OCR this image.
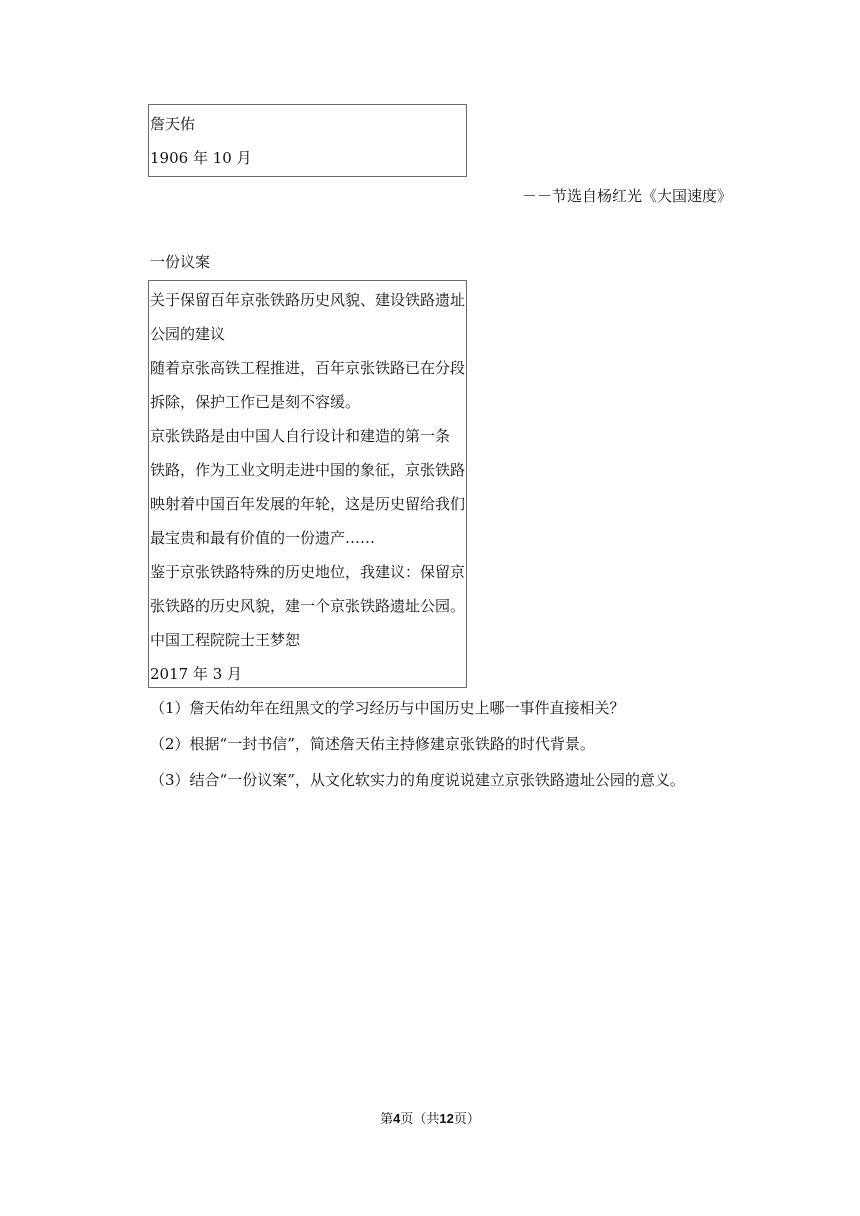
詹天佑
1906 年 10 月
－－节选自杨红光《大国速度》
一份议案
关于保留百年京张铁路历史风貌、建设铁路遗址
公园的建议
随着京张高铁工程推进，百年京张铁路已在分段
拆除，保护工作已是刻不容缓。
京张铁路是由中国人自行设计和建造的第一条
铁路，作为工业文明走进中国的象征，京张铁路
映射着中国百年发展的年轮，这是历史留给我们
最宝贵和最有价值的一份遗产……
鉴于京张铁路特殊的历史地位，我建议：保留京
张铁路的历史风貌，建一个京张铁路遗址公园。
中国工程院院士王梦恕
2017 年 3 月
（1）詹天佑幼年在纽黑文的学习经历与中国历史上哪一事件直接相关？
（2）根据“一封书信”，简述詹天佑主持修建京张铁路的时代背景。
（3）结合“一份议案”，从文化软实力的角度说说建立京张铁路遗址公园的意义。
第4页（共12页）
